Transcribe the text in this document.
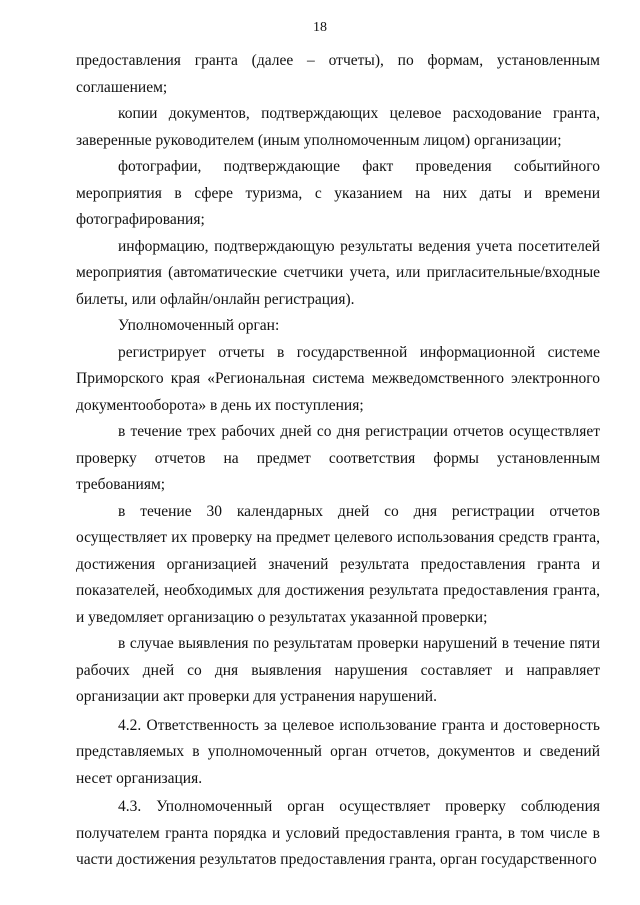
18

предоставления гранта (далее – отчеты), по формам, установленным соглашением;

копии документов, подтверждающих целевое расходование гранта, заверенные руководителем (иным уполномоченным лицом) организации;

фотографии, подтверждающие факт проведения событийного мероприятия в сфере туризма, с указанием на них даты и времени фотографирования;

информацию, подтверждающую результаты ведения учета посетителей мероприятия (автоматические счетчики учета, или пригласительные/входные билеты, или офлайн/онлайн регистрация).

Уполномоченный орган:

регистрирует отчеты в государственной информационной системе Приморского края «Региональная система межведомственного электронного документооборота» в день их поступления;

в течение трех рабочих дней со дня регистрации отчетов осуществляет проверку отчетов на предмет соответствия формы установленным требованиям;

в течение 30 календарных дней со дня регистрации отчетов осуществляет их проверку на предмет целевого использования средств гранта, достижения организацией значений результата предоставления гранта и показателей, необходимых для достижения результата предоставления гранта, и уведомляет организацию о результатах указанной проверки;

в случае выявления по результатам проверки нарушений в течение пяти рабочих дней со дня выявления нарушения составляет и направляет организации акт проверки для устранения нарушений.

4.2. Ответственность за целевое использование гранта и достоверность представляемых в уполномоченный орган отчетов, документов и сведений несет организация.

4.3. Уполномоченный орган осуществляет проверку соблюдения получателем гранта порядка и условий предоставления гранта, в том числе в части достижения результатов предоставления гранта, орган государственного
